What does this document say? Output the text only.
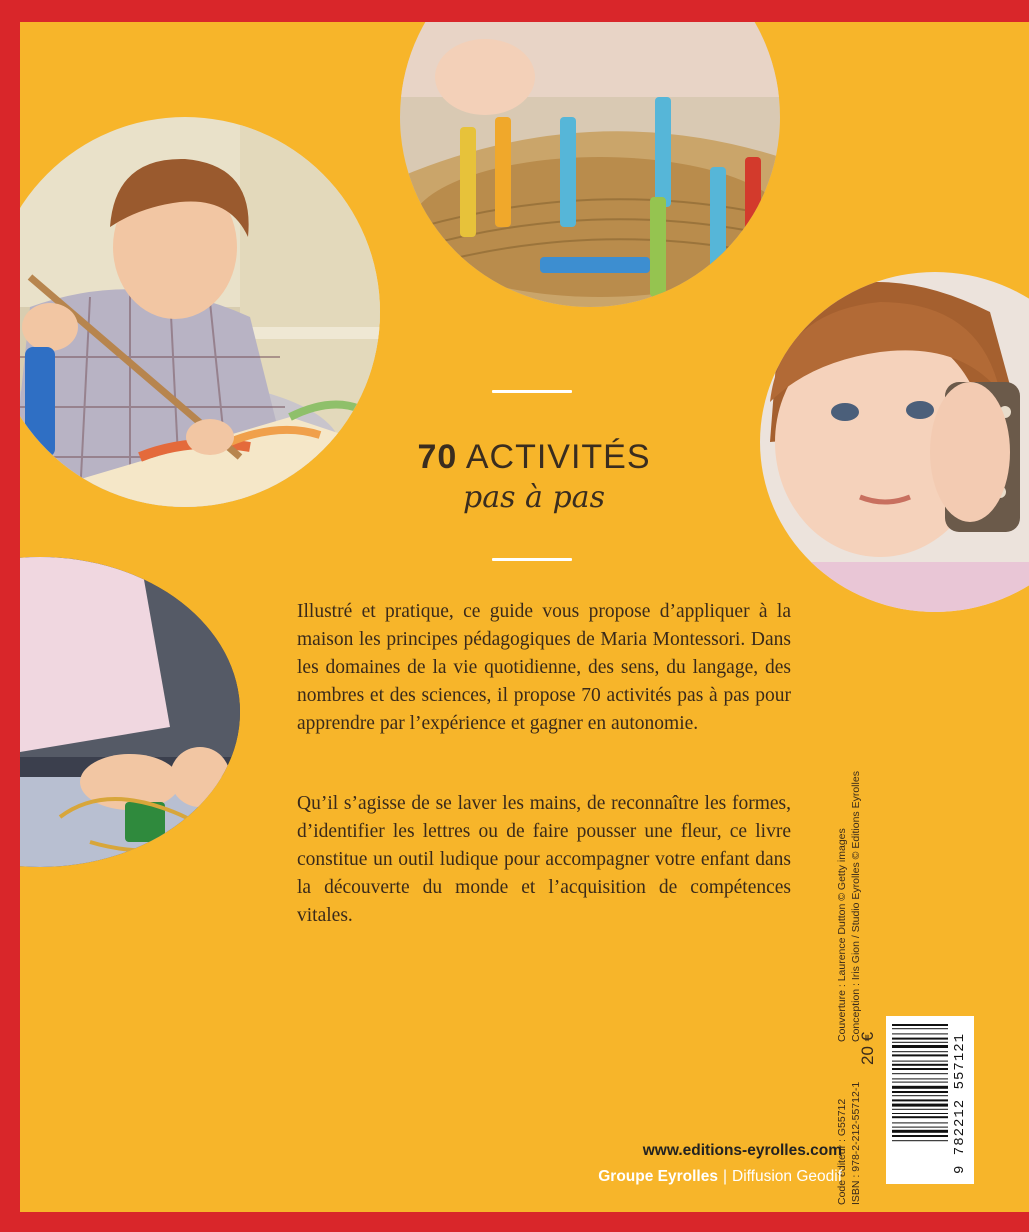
70 ACTIVITÉS
pas à pas

Illustré et pratique, ce guide vous propose d’appliquer à la maison les principes pédagogiques de Maria Montessori. Dans les domaines de la vie quotidienne, des sens, du langage, des nombres et des sciences, il propose 70 activités pas à pas pour apprendre par l’expérience et gagner en autonomie.

Qu’il s’agisse de se laver les mains, de reconnaître les formes, d’identifier les lettres ou de faire pousser une fleur, ce livre constitue un outil ludique pour accompagner votre enfant dans la découverte du monde et l’acquisition de compétences vitales.	Couverture : Laurence Dutton © Getty images Conception : Iris Gion / Studio Eyrolles © Editions Eyrolles
Code éditeur : G55712 ISBN : 978-2-212-55712-1
20 €	9 782212 557121
www.editions-eyrolles.com
Groupe Eyrolles | Diffusion Geodif
